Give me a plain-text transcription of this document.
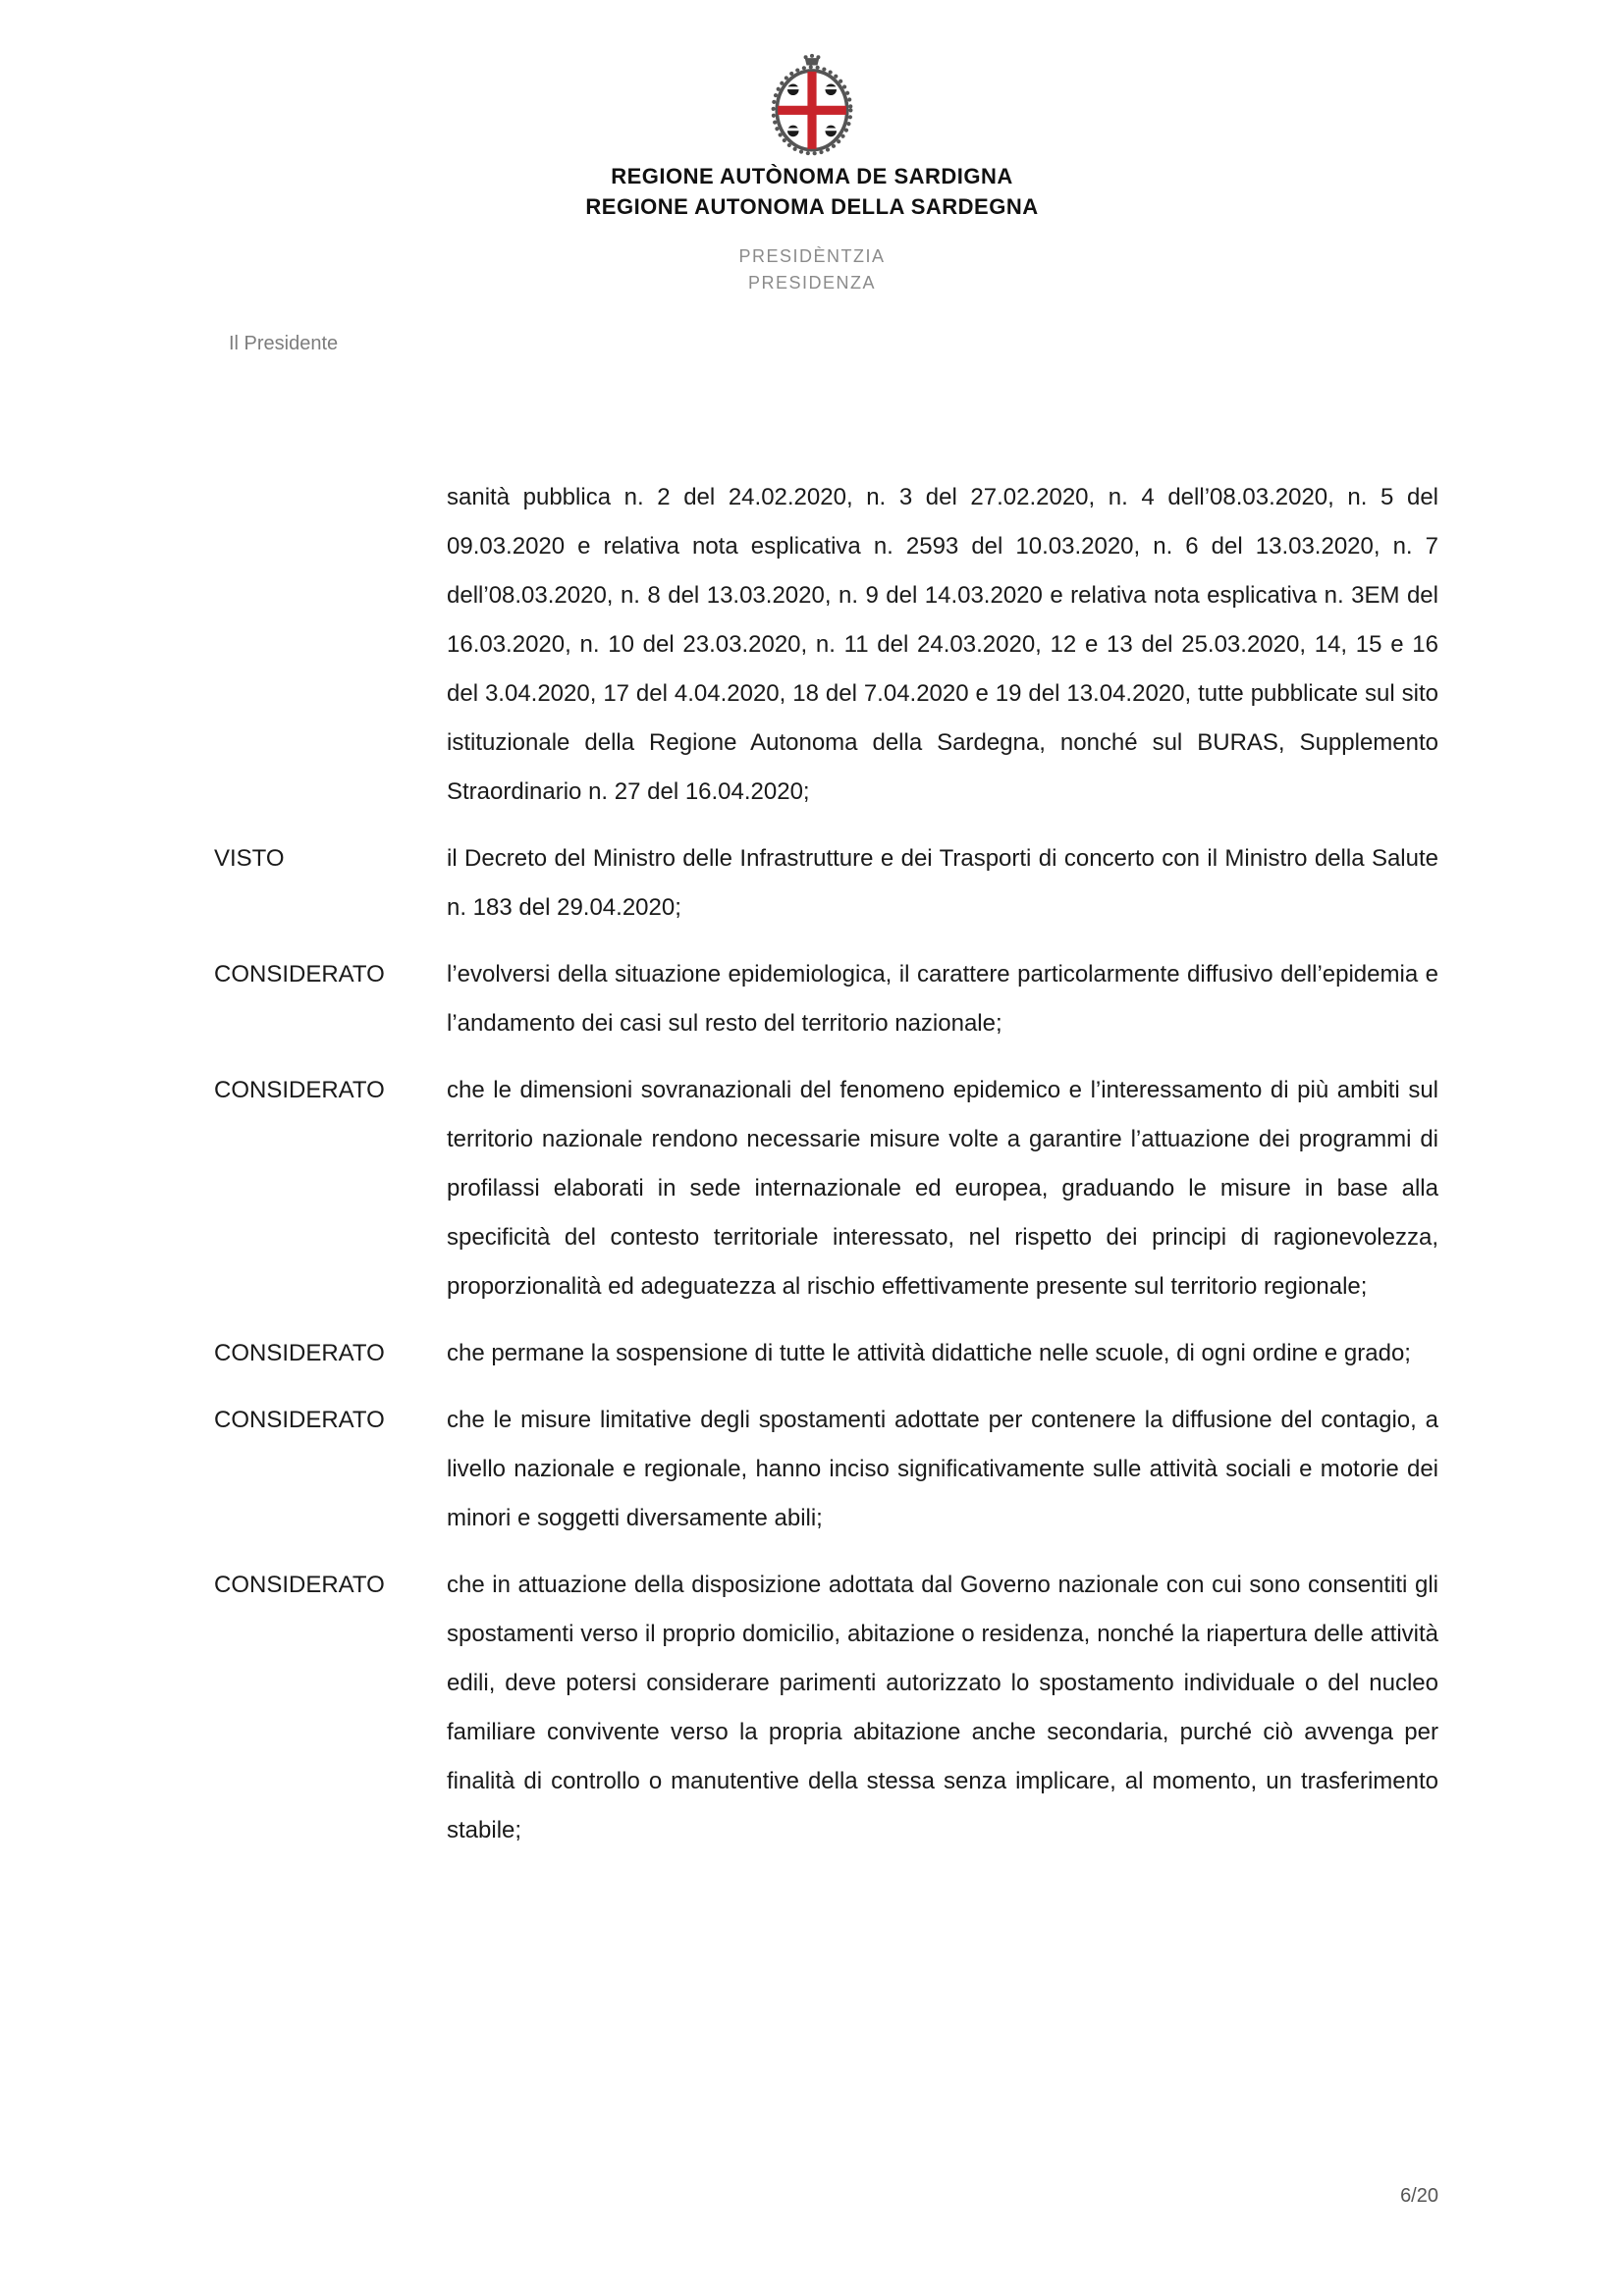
REGIONE AUTÒNOMA DE SARDIGNA
REGIONE AUTONOMA DELLA SARDEGNA
PRESIDÈNTZIA
PRESIDENZA
Il Presidente
sanità pubblica n. 2 del 24.02.2020, n. 3 del 27.02.2020, n. 4 dell’08.03.2020, n. 5 del 09.03.2020 e relativa nota esplicativa n. 2593 del 10.03.2020, n. 6 del 13.03.2020, n. 7 dell’08.03.2020, n. 8 del 13.03.2020, n. 9 del 14.03.2020 e relativa nota esplicativa n. 3EM del 16.03.2020, n. 10 del 23.03.2020, n. 11 del 24.03.2020, 12 e 13 del 25.03.2020, 14, 15 e 16 del 3.04.2020, 17 del 4.04.2020, 18 del 7.04.2020 e 19 del 13.04.2020, tutte pubblicate sul sito istituzionale della Regione Autonoma della Sardegna, nonché sul BURAS, Supplemento Straordinario n. 27 del 16.04.2020;
VISTO	il Decreto del Ministro delle Infrastrutture e dei Trasporti di concerto con il Ministro della Salute n. 183 del 29.04.2020;
CONSIDERATO	l’evolversi della situazione epidemiologica, il carattere particolarmente diffusivo dell’epidemia e l’andamento dei casi sul resto del territorio nazionale;
CONSIDERATO	che le dimensioni sovranazionali del fenomeno epidemico e l’interessamento di più ambiti sul territorio nazionale rendono necessarie misure volte a garantire l’attuazione dei programmi di profilassi elaborati in sede internazionale ed europea, graduando le misure in base alla specificità del contesto territoriale interessato, nel rispetto dei principi di ragionevolezza, proporzionalità ed adeguatezza al rischio effettivamente presente sul territorio regionale;
CONSIDERATO	che permane la sospensione di tutte le attività didattiche nelle scuole, di ogni ordine e grado;
CONSIDERATO	che le misure limitative degli spostamenti adottate per contenere la diffusione del contagio, a livello nazionale e regionale, hanno inciso significativamente sulle attività sociali e motorie dei minori e soggetti diversamente abili;
CONSIDERATO	che in attuazione della disposizione adottata dal Governo nazionale con cui sono consentiti gli spostamenti verso il proprio domicilio, abitazione o residenza, nonché la riapertura delle attività edili, deve potersi considerare parimenti autorizzato lo spostamento individuale o del nucleo familiare convivente verso la propria abitazione anche secondaria, purché ciò avvenga per finalità di controllo o manutentive della stessa senza implicare, al momento, un trasferimento stabile;
6/20
